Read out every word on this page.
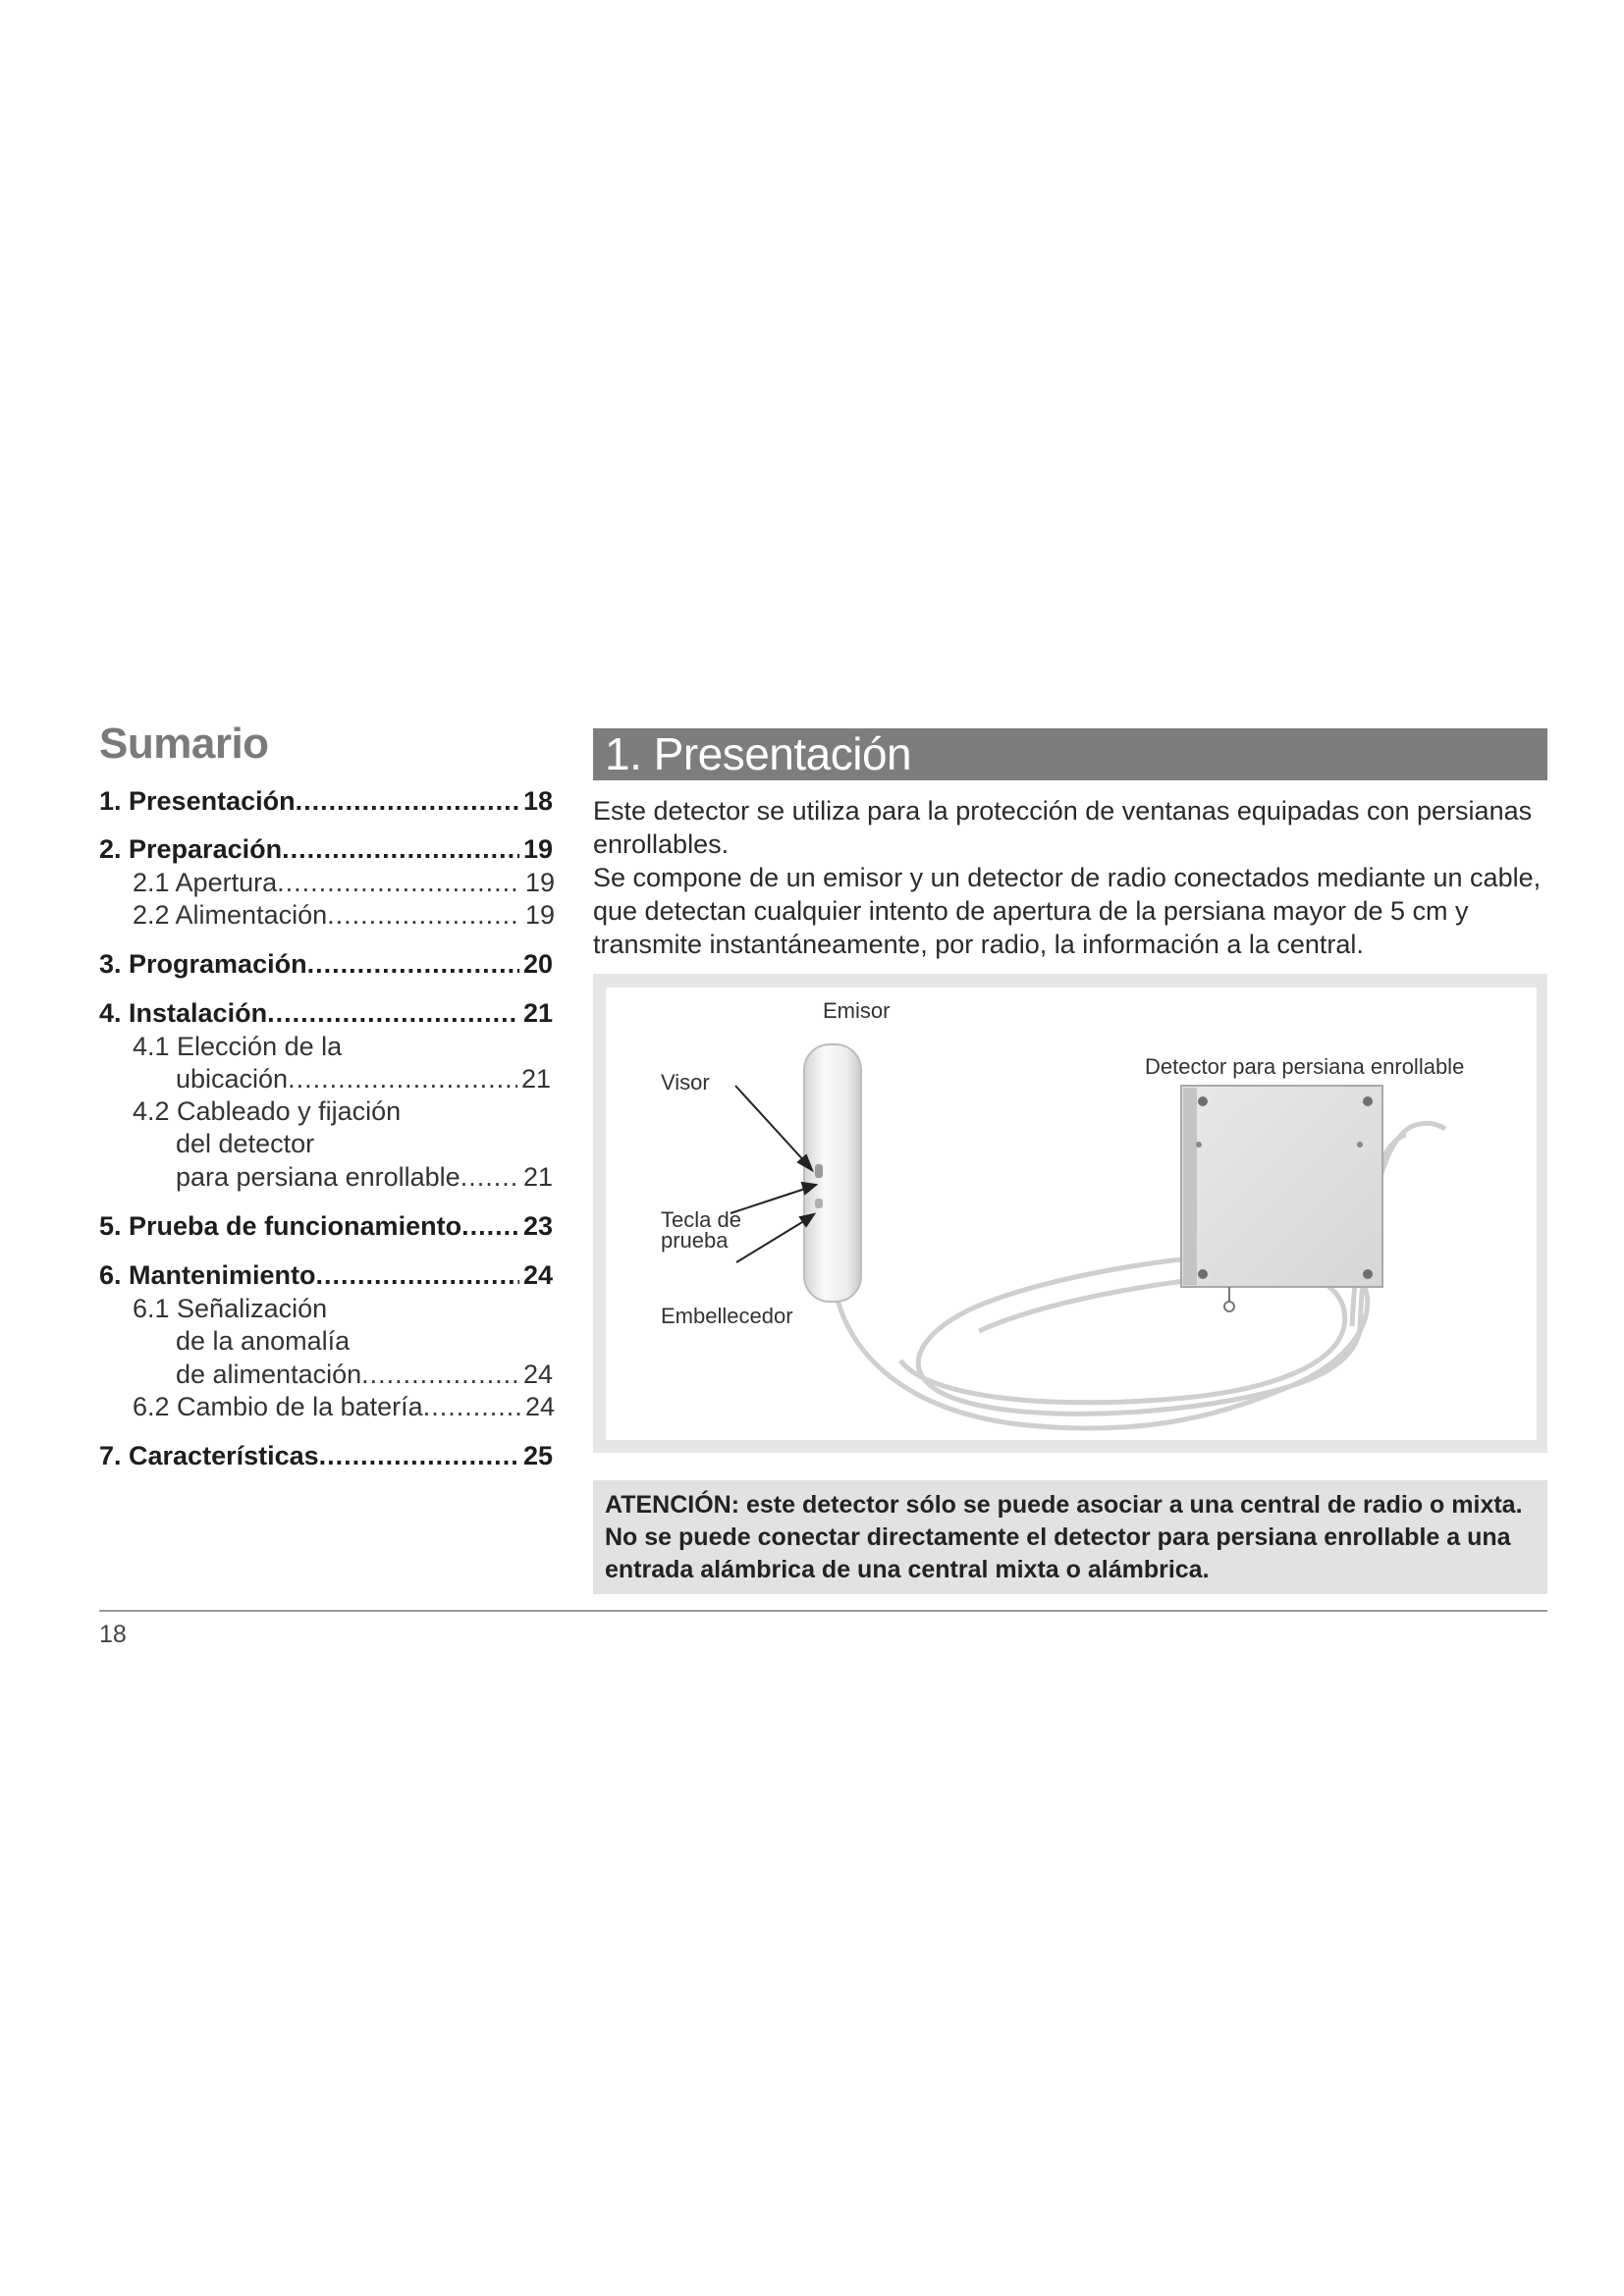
Sumario
1. Presentación .....	18
2. Preparación .....	19
2.1 Apertura .....	19
2.2 Alimentación .....	19
3. Programación .....	20
4. Instalación .....	21
4.1 Elección de la
ubicación .....	21
4.2 Cableado y fijación
del detector
para persiana enrollable ..... 21
5. Prueba de funcionamiento ..... 23
6. Mantenimiento .....	24
6.1 Señalización
de la anomalía
de alimentación .....	24
6.2 Cambio de la batería .....	24
7. Características .....	25
1. Presentación

Este detector se utiliza para la protección de ventanas equipadas con persianas enrollables.

Se compone de un emisor y un detector de radio conectados mediante un cable, que detectan cualquier intento de apertura de la persiana mayor de 5 cm y transmite instantáneamente, por radio, la información a la central.

Emisor
Detector para persiana enrollable
Visor
Tecla de
prueba
Embellecedor
ATENCIÓN: este detector sólo se puede asociar a una central de radio o mixta. No se puede conectar directamente el detector para persiana enrollable a una entrada alámbrica de una central mixta o alámbrica.
18
